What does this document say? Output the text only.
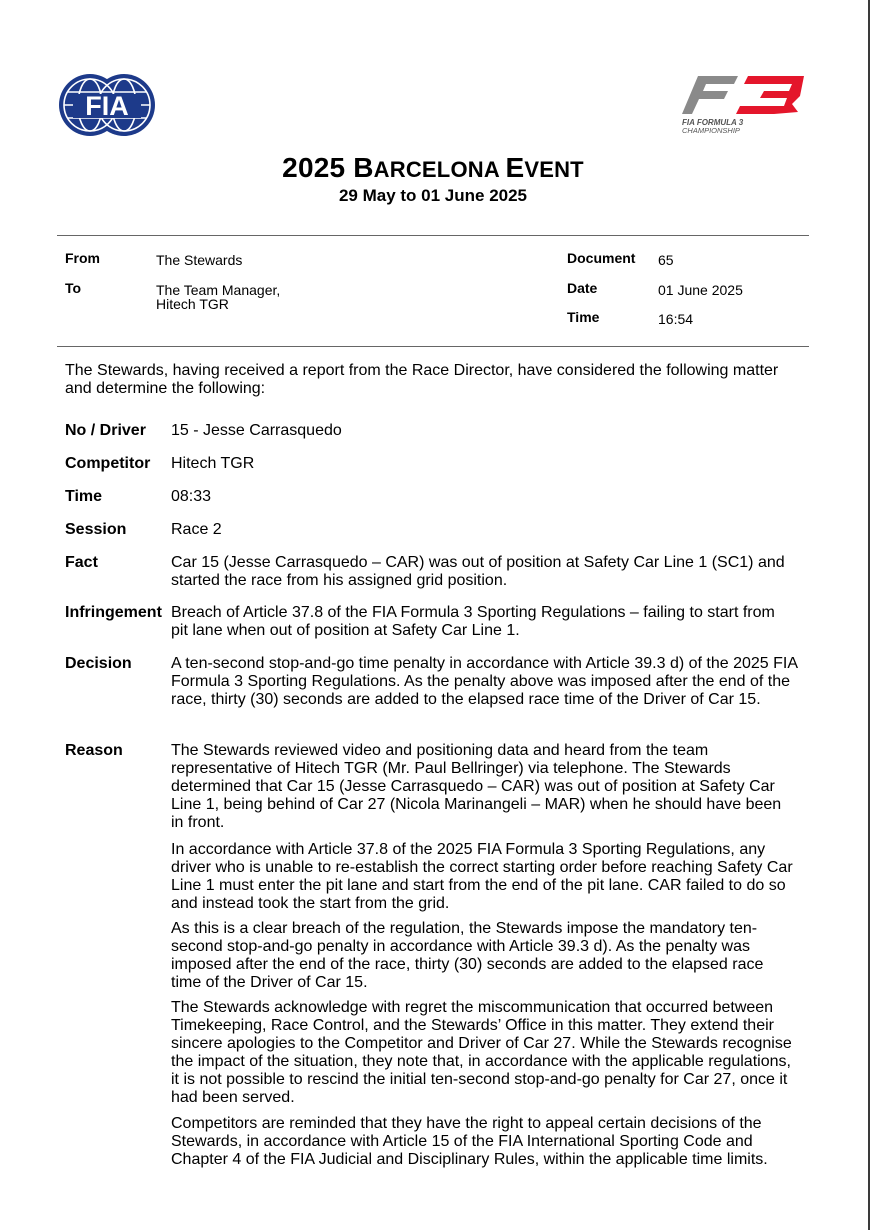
FIA
FIA FORMULA 3
CHAMPIONSHIP
2025 BARCELONA EVENT
29 May to 01 June 2025
From	The Stewards
To	The Team Manager,
Hitech TGR
Document 65
Date	01 June 2025
Time	16:54
The Stewards, having received a report from the Race Director, have considered the following matter and determine the following:
No / Driver 15 - Jesse Carrasquedo
Competitor Hitech TGR
Time	08:33
Session	Race 2
Fact	Car 15 (Jesse Carrasquedo – CAR) was out of position at Safety Car Line 1 (SC1) and started the race from his assigned grid position.
Infringement Breach of Article 37.8 of the FIA Formula 3 Sporting Regulations – failing to start from pit lane when out of position at Safety Car Line 1.
Decision A ten-second stop-and-go time penalty in accordance with Article 39.3 d) of the 2025 FIA Formula 3 Sporting Regulations. As the penalty above was imposed after the end of the race, thirty (30) seconds are added to the elapsed race time of the Driver of Car 15.
Reason	The Stewards reviewed video and positioning data and heard from the team representative of Hitech TGR (Mr. Paul Bellringer) via telephone. The Stewards determined that Car 15 (Jesse Carrasquedo – CAR) was out of position at Safety Car Line 1, being behind of Car 27 (Nicola Marinangeli – MAR) when he should have been in front.
In accordance with Article 37.8 of the 2025 FIA Formula 3 Sporting Regulations, any driver who is unable to re-establish the correct starting order before reaching Safety Car Line 1 must enter the pit lane and start from the end of the pit lane. CAR failed to do so and instead took the start from the grid.
As this is a clear breach of the regulation, the Stewards impose the mandatory ten-second stop-and-go penalty in accordance with Article 39.3 d). As the penalty was imposed after the end of the race, thirty (30) seconds are added to the elapsed race time of the Driver of Car 15.
The Stewards acknowledge with regret the miscommunication that occurred between Timekeeping, Race Control, and the Stewards’ Office in this matter. They extend their sincere apologies to the Competitor and Driver of Car 27. While the Stewards recognise the impact of the situation, they note that, in accordance with the applicable regulations, it is not possible to rescind the initial ten-second stop-and-go penalty for Car 27, once it had been served.
Competitors are reminded that they have the right to appeal certain decisions of the Stewards, in accordance with Article 15 of the FIA International Sporting Code and Chapter 4 of the FIA Judicial and Disciplinary Rules, within the applicable time limits.
